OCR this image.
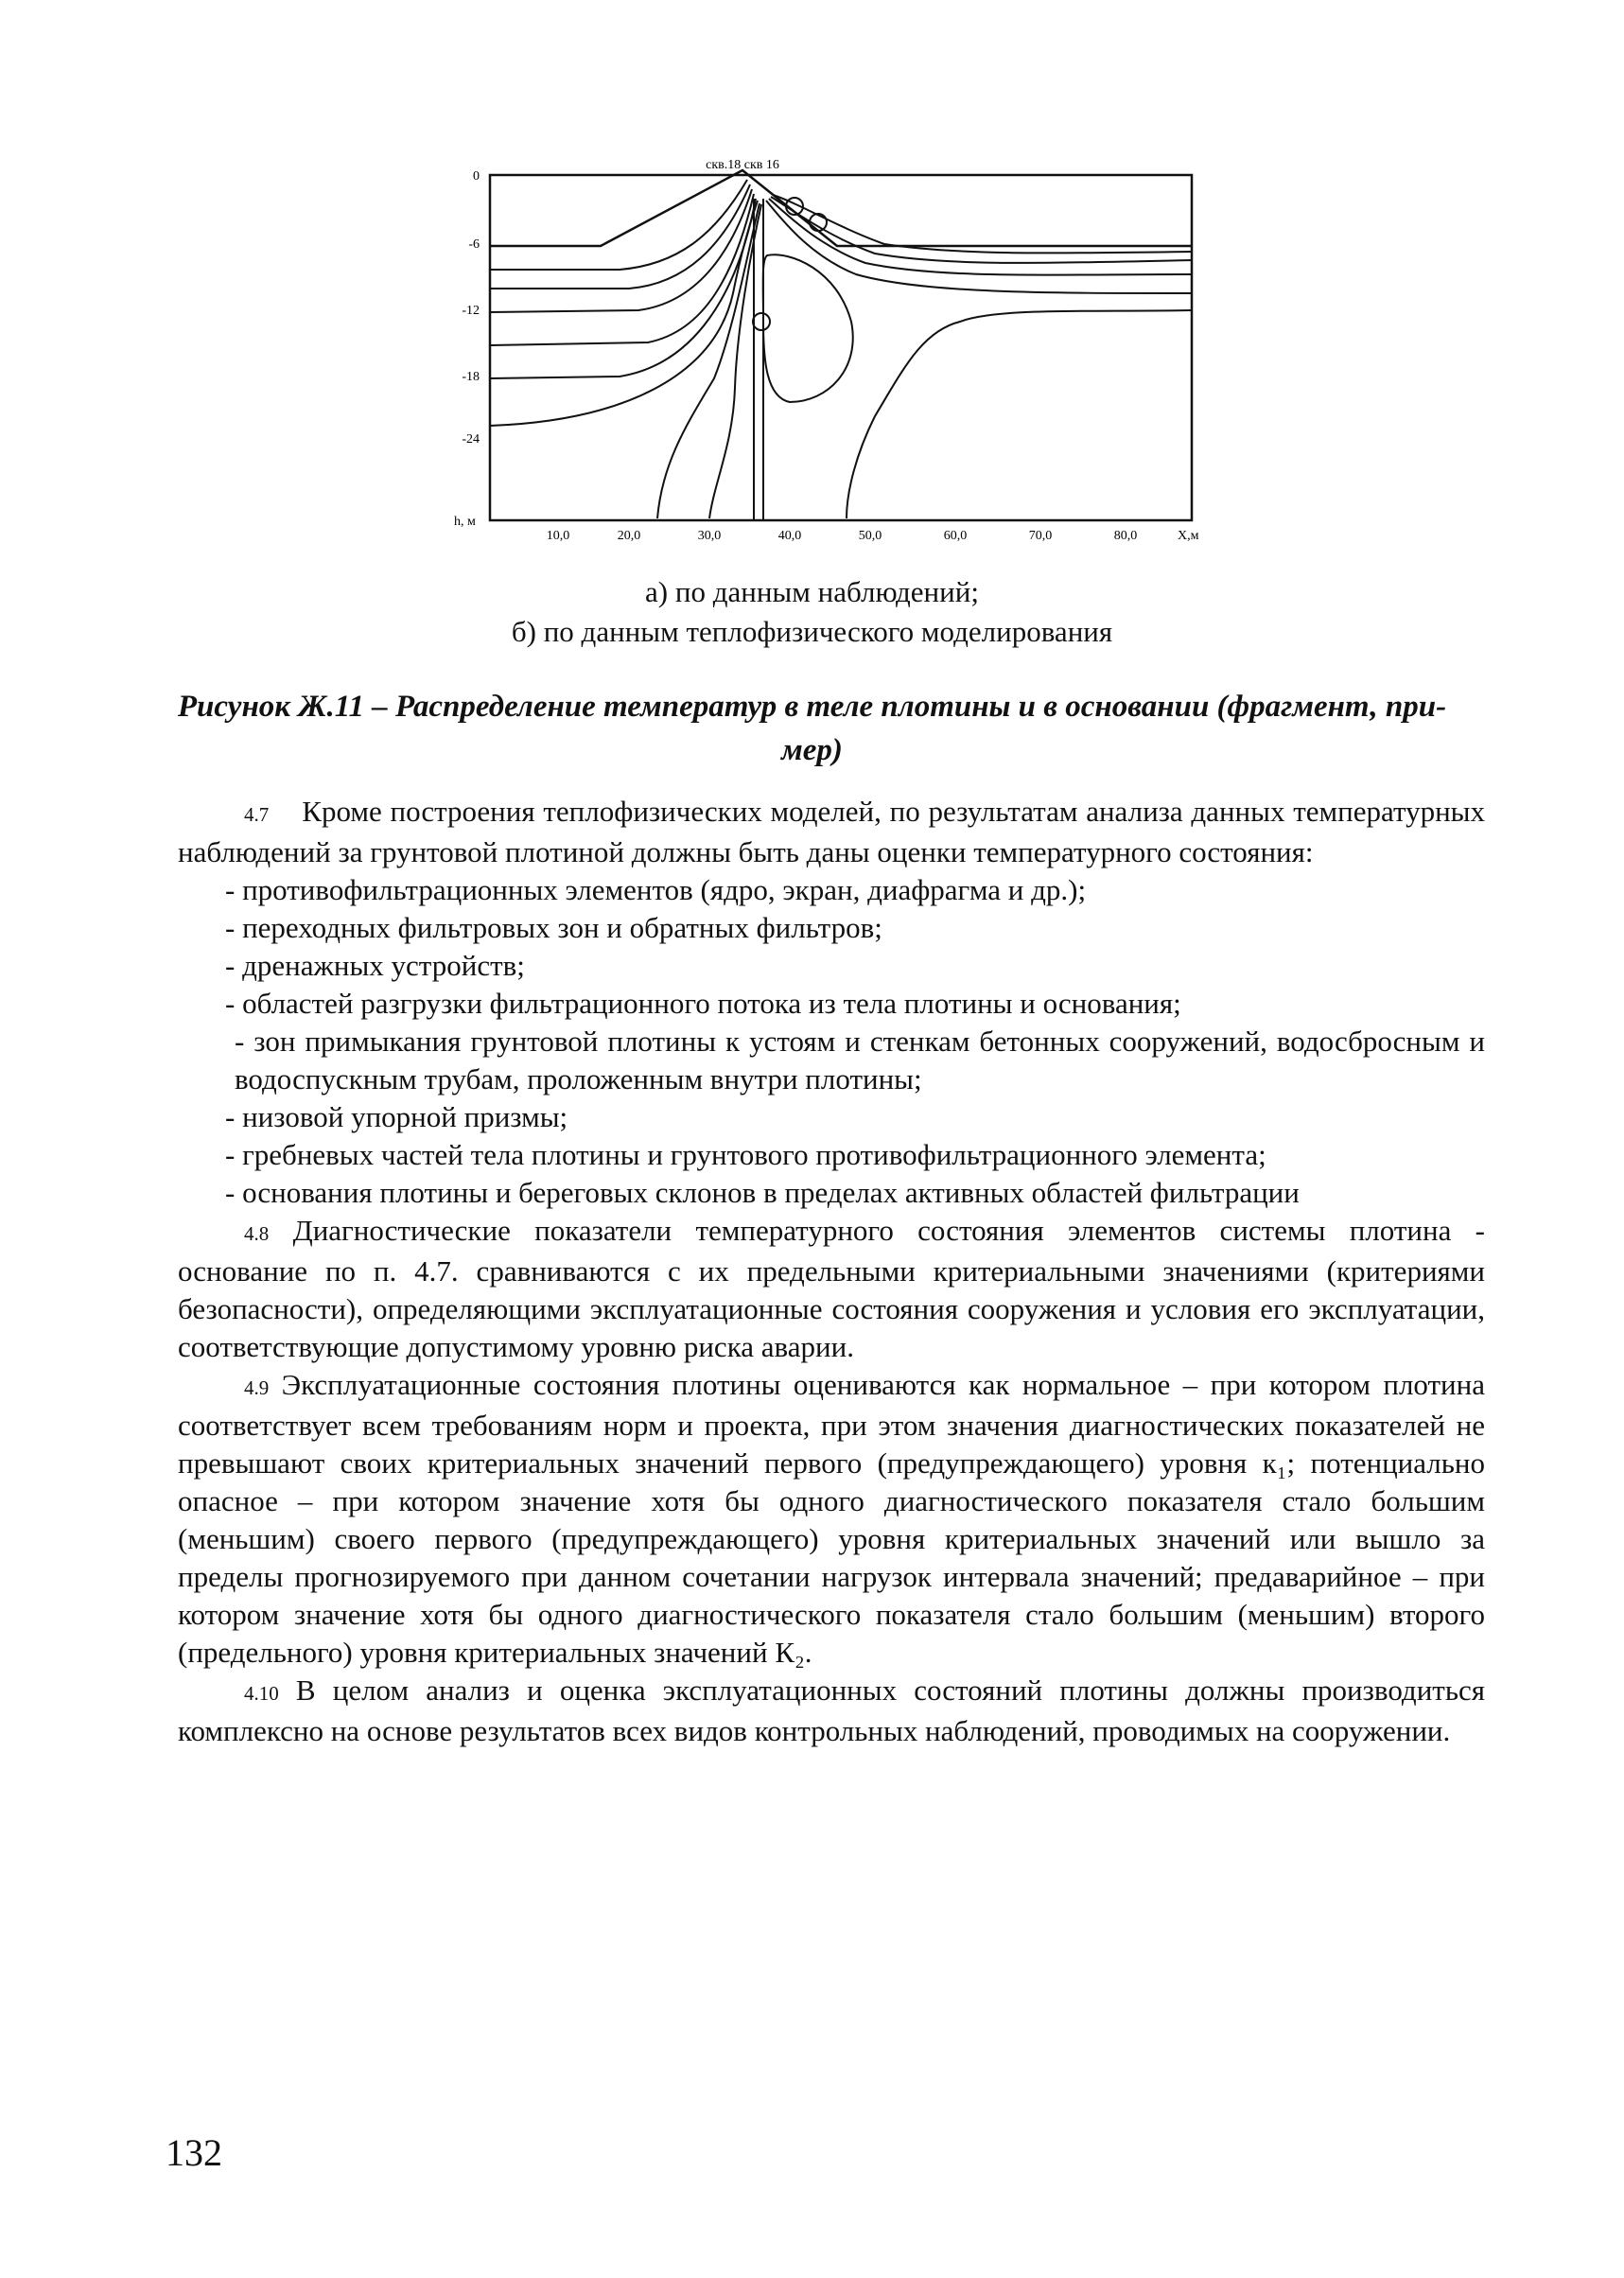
скв.18 скв 16
0
-6
-12
-18
-24
h, м
10,0	20,0	30,0	40,0	50,0	60,0	70,0	80,0	X,м
а) по данным наблюдений;
б) по данным теплофизического моделирования
Рисунок Ж.11 – Распределение температур в теле плотины и в основании (фрагмент, при-
мер)

4.7 Кроме построения теплофизических моделей, по результатам анализа данных температурных наблюдений за грунтовой плотиной должны быть даны оценки температурного состояния:

- противофильтрационных элементов (ядро, экран, диафрагма и др.);

- переходных фильтровых зон и обратных фильтров;

- дренажных устройств;

- областей разгрузки фильтрационного потока из тела плотины и основания;

- зон примыкания грунтовой плотины к устоям и стенкам бетонных сооружений, водосбросным и водоспускным трубам, проложенным внутри плотины;

- низовой упорной призмы;

- гребневых частей тела плотины и грунтового противофильтрационного элемента;

- основания плотины и береговых склонов в пределах активных областей фильтрации

4.8 Диагностические показатели температурного состояния элементов системы плотина - основание по п. 4.7. сравниваются с их предельными критериальными значениями (критериями безопасности), определяющими эксплуатационные состояния сооружения и условия его эксплуатации, соответствующие допустимому уровню риска аварии.

4.9 Эксплуатационные состояния плотины оцениваются как нормальное – при котором плотина соответствует всем требованиям норм и проекта, при этом значения диагностических показателей не превышают своих критериальных значений первого (предупреждающего) уровня к₁; потенциально опасное – при котором значение хотя бы одного диагностического показателя стало большим (меньшим) своего первого (предупреждающего) уровня критериальных значений или вышло за пределы прогнозируемого при данном сочетании нагрузок интервала значений; предаварийное – при котором значение хотя бы одного диагностического показателя стало большим (меньшим) второго (предельного) уровня критериальных значений К₂.

4.10 В целом анализ и оценка эксплуатационных состояний плотины должны производиться комплексно на основе результатов всех видов контрольных наблюдений, проводимых на сооружении.

132
